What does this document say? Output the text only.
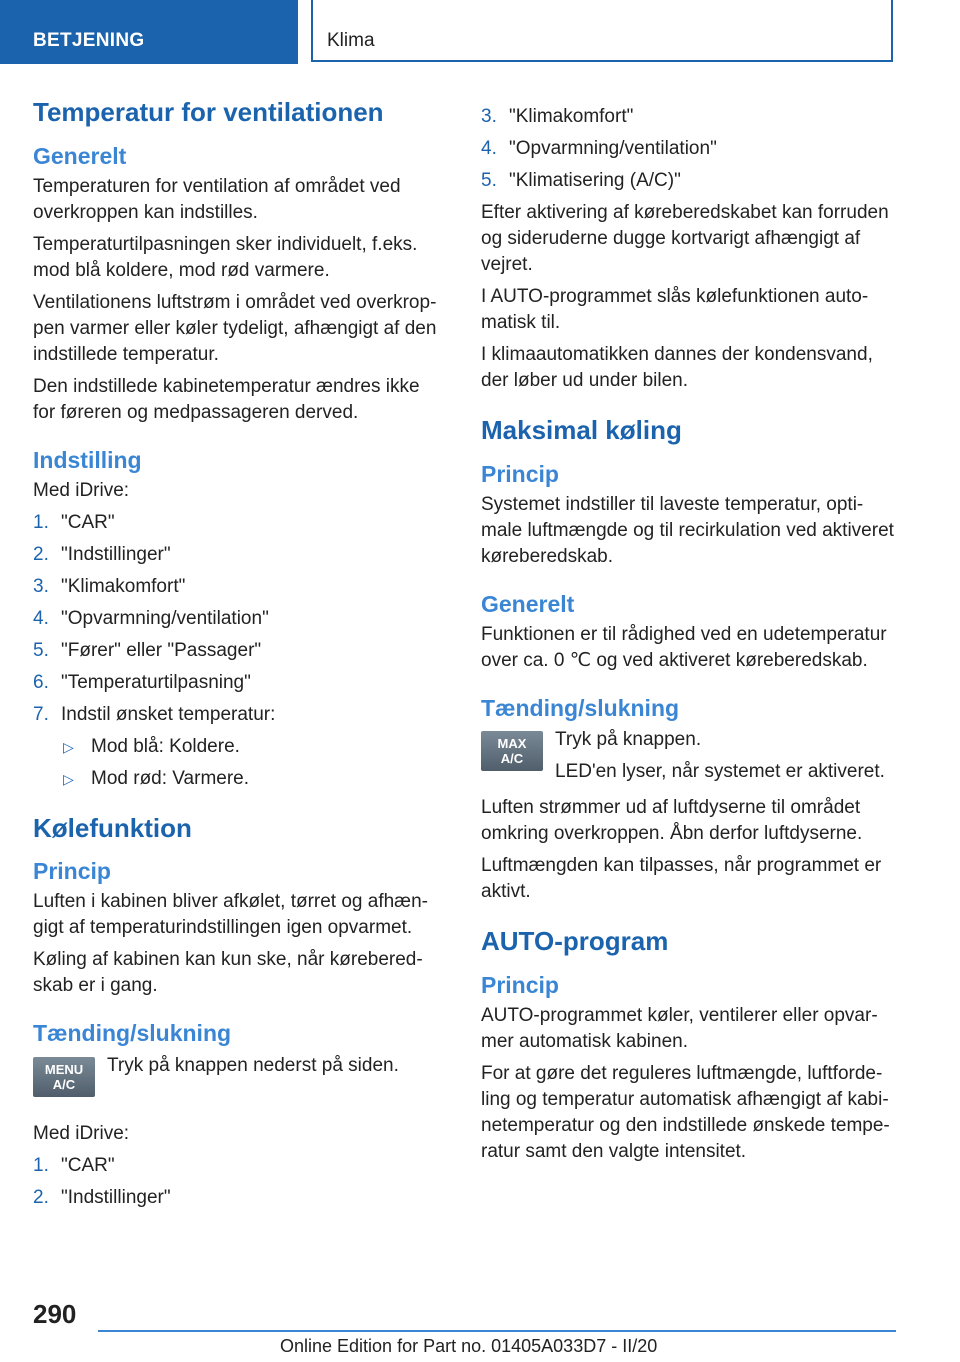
BETJENING	Klima
Temperatur for ventilationen
Generelt

Temperaturen for ventilation af området ved overkroppen kan indstilles.

Temperaturtilpasningen sker individuelt, f.eks. mod blå koldere, mod rød varmere.

Ventilationens luftstrøm i området ved overkrop- pen varmer eller køler tydeligt, afhængigt af den indstillede temperatur.

Den indstillede kabinetemperatur ændres ikke for føreren og medpassageren derved.

Indstilling

Med iDrive:

1. "CAR"
2. "Indstillinger"
3. "Klimakomfort"
4. "Opvarmning/ventilation"
5. "Fører" eller "Passager"
6. "Temperaturtilpasning"
7. Indstil ønsket temperatur:
▷ Mod blå: Koldere.
▷ Mod rød: Varmere.
Kølefunktion
Princip

Luften i kabinen bliver afkølet, tørret og afhæn- gigt af temperaturindstillingen igen opvarmet.

Køling af kabinen kan kun ske, når kørebered- skab er i gang.

Tænding/slukning
MENU
A/C

Tryk på knappen nederst på siden.

Med iDrive:

1. "CAR"
2. "Indstillinger"
3. "Klimakomfort"
4. "Opvarmning/ventilation"
5. "Klimatisering (A/C)"

Efter aktivering af køreberedskabet kan forruden og sideruderne dugge kortvarigt afhængigt af vejret.

I AUTO-programmet slås kølefunktionen auto- matisk til.

I klimaautomatikken dannes der kondensvand, der løber ud under bilen.

Maksimal køling
Princip

Systemet indstiller til laveste temperatur, opti- male luftmængde og til recirkulation ved aktiveret køreberedskab.

Generelt

Funktionen er til rådighed ved en udetemperatur over ca. 0 ℃ og ved aktiveret køreberedskab.

Tænding/slukning
MAX
A/C

Tryk på knappen.

LED'en lyser, når systemet er aktiveret.

Luften strømmer ud af luftdyserne til området omkring overkroppen. Åbn derfor luftdyserne.

Luftmængden kan tilpasses, når programmet er aktivt.

AUTO-program
Princip

AUTO-programmet køler, ventilerer eller opvar- mer automatisk kabinen.

For at gøre det reguleres luftmængde, luftforde- ling og temperatur automatisk afhængigt af kabi- netemperatur og den indstillede ønskede tempe- ratur samt den valgte intensitet.

290
Online Edition for Part no. 01405A033D7 - II/20
